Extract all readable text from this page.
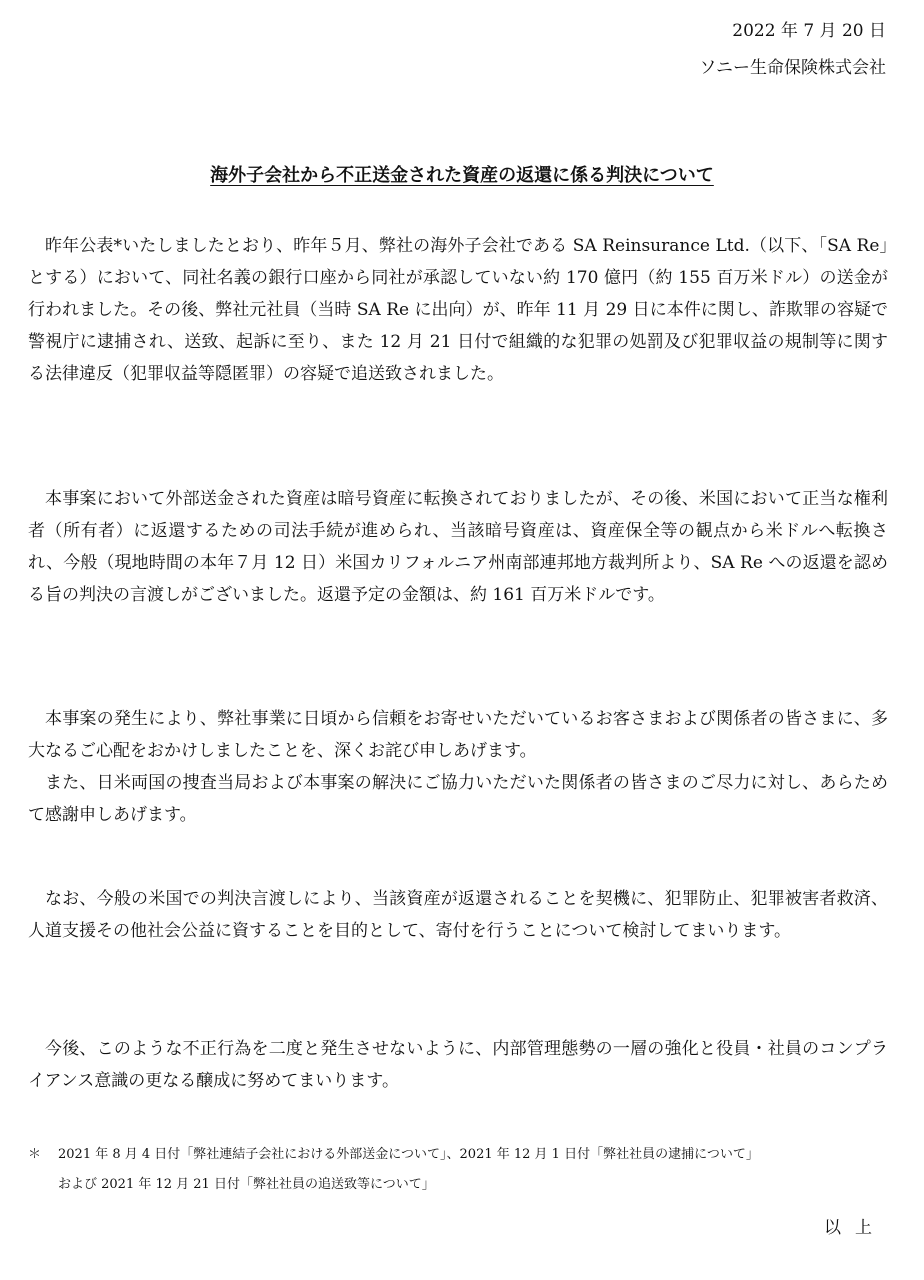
2022 年 7 月 20 日
ソニー生命保険株式会社
海外子会社から不正送金された資産の返還に係る判決について

昨年公表*いたしましたとおり、昨年５月、弊社の海外子会社である SA Reinsurance Ltd.（以下、「SA Re」とする）において、同社名義の銀行口座から同社が承認していない約 170 億円（約 155 百万米ドル）の送金が行われました。その後、弊社元社員（当時 SA Re に出向）が、昨年 11 月 29 日に本件に関し、詐欺罪の容疑で警視庁に逮捕され、送致、起訴に至り、また 12 月 21 日付で組織的な犯罪の処罰及び犯罪収益の規制等に関する法律違反（犯罪収益等隠匿罪）の容疑で追送致されました。

本事案において外部送金された資産は暗号資産に転換されておりましたが、その後、米国において正当な権利者（所有者）に返還するための司法手続が進められ、当該暗号資産は、資産保全等の観点から米ドルへ転換され、今般（現地時間の本年７月 12 日）米国カリフォルニア州南部連邦地方裁判所より、SA Re への返還を認める旨の判決の言渡しがございました。返還予定の金額は、約 161 百万米ドルです。

本事案の発生により、弊社事業に日頃から信頼をお寄せいただいているお客さまおよび関係者の皆さまに、多大なるご心配をおかけしましたことを、深くお詫び申しあげます。

また、日米両国の捜査当局および本事案の解決にご協力いただいた関係者の皆さまのご尽力に対し、あらためて感謝申しあげます。

なお、今般の米国での判決言渡しにより、当該資産が返還されることを契機に、犯罪防止、犯罪被害者救済、人道支援その他社会公益に資することを目的として、寄付を行うことについて検討してまいります。

今後、このような不正行為を二度と発生させないように、内部管理態勢の一層の強化と役員・社員のコンプライアンス意識の更なる醸成に努めてまいります。

＊ 2021 年 8 月 4 日付「弊社連結子会社における外部送金について」、2021 年 12 月 1 日付「弊社社員の逮捕について」
および 2021 年 12 月 21 日付「弊社社員の追送致等について」
以上
